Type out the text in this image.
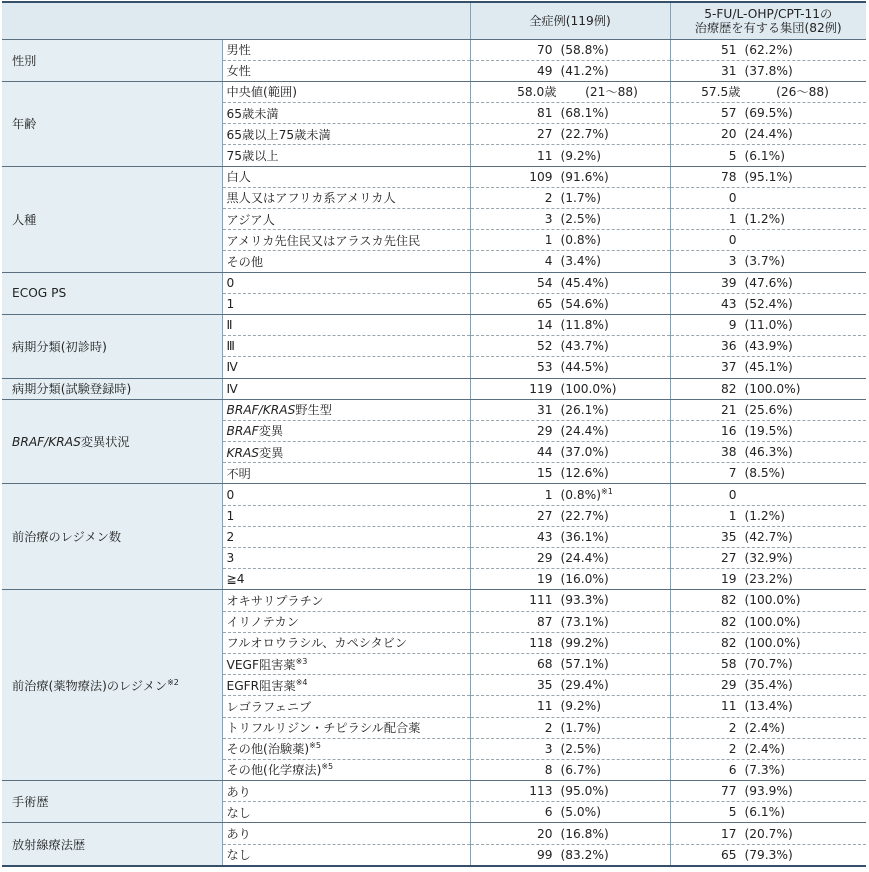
		全症例(119例)	5-FU/L-OHP/CPT-11の
治療歴を有する集団(82例)
性別	男性	70 (58.8%)	51 (62.2%)
	女性	49 (41.2%)	31 (37.8%)
年齢	中央値(範囲)	58.0歳 (21〜88)	57.5歳 (26〜88)
	65歳未満	81 (68.1%)	57 (69.5%)
	65歳以上75歳未満	27 (22.7%)	20 (24.4%)
	75歳以上	11 (9.2%)	5 (6.1%)
人種	白人	109 (91.6%)	78 (95.1%)
	黒人又はアフリカ系アメリカ人	2 (1.7%)	0
	アジア人	3 (2.5%)	1 (1.2%)
	アメリカ先住民又はアラスカ先住民	1 (0.8%)	0
	その他	4 (3.4%)	3 (3.7%)
ECOG PS	0	54 (45.4%)	39 (47.6%)
	1	65 (54.6%)	43 (52.4%)
病期分類(初診時)	Ⅱ	14 (11.8%)	9 (11.0%)
	Ⅲ	52 (43.7%)	36 (43.9%)
	Ⅳ	53 (44.5%)	37 (45.1%)
病期分類(試験登録時)	Ⅳ	119 (100.0%)	82 (100.0%)
BRAF/KRAS変異状況	BRAF/KRAS野生型	31 (26.1%)	21 (25.6%)
	BRAF変異	29 (24.4%)	16 (19.5%)
	KRAS変異	44 (37.0%)	38 (46.3%)
	不明	15 (12.6%)	7 (8.5%)
前治療のレジメン数	0	1 $(0.8\%)^{※1}$	0
	1	27 (22.7%)	1 (1.2%)
	2	43 (36.1%)	35 (42.7%)
	3	29 (24.4%)	27 (32.9%)
	≧4	19 (16.0%)	19 (23.2%)
前治療(薬物療法)のレジメン$^{※2}$	オキサリプラチン	111 (93.3%)	82 (100.0%)
	イリノテカン	87 (73.1%)	82 (100.0%)
	フルオロウラシル、カペシタビン	118 (99.2%)	82 (100.0%)
	VEGF阻害薬$^{※3}$	68 (57.1%)	58 (70.7%)
	EGFR阻害薬$^{※4}$	35 (29.4%)	29 (35.4%)
	レゴラフェニブ	11 (9.2%)	11 (13.4%)
	トリフルリジン・チピラシル配合薬	2 (1.7%)	2 (2.4%)
	その他(治験薬)$^{※5}$	3 (2.5%)	2 (2.4%)
	その他(化学療法)$^{※5}$	8 (6.7%)	6 (7.3%)
手術歴	あり	113 (95.0%)	77 (93.9%)
	なし	6 (5.0%)	5 (6.1%)
放射線療法歴	あり	20 (16.8%)	17 (20.7%)
	なし	99 (83.2%)	65 (79.3%)
